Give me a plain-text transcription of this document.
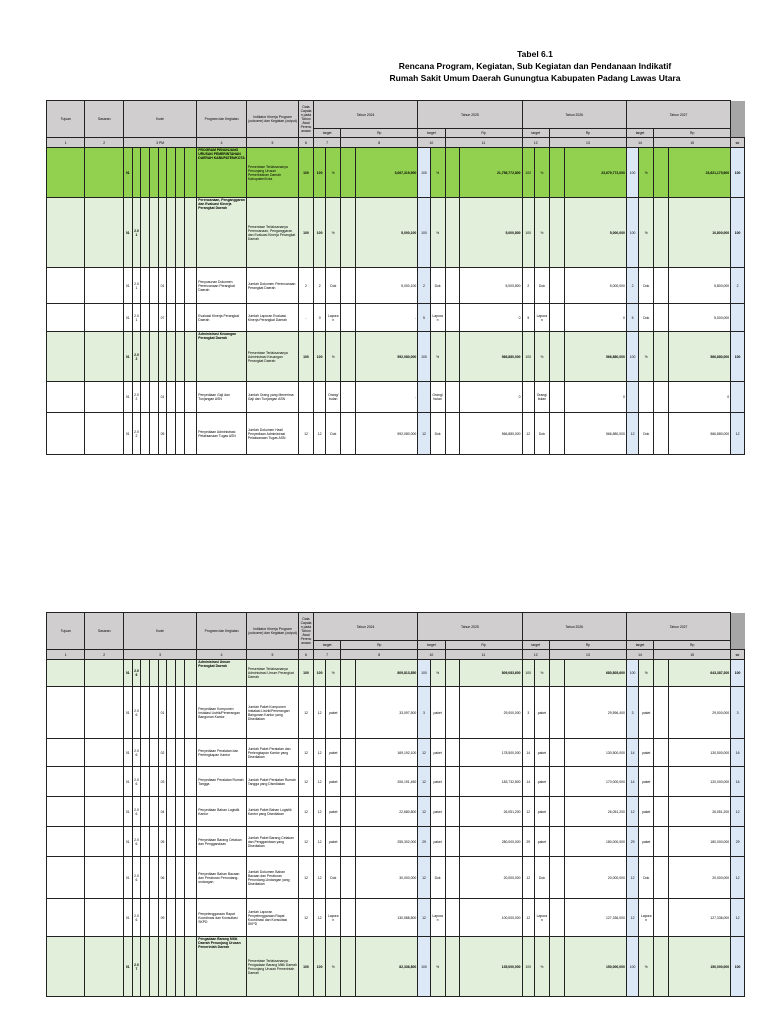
Tabel 6.1
Rencana Program, Kegiatan, Sub Kegiatan dan Pendanaan Indikatif
Rumah Sakit Umum Daerah Gunungtua Kabupaten Padang Lawas Utara
Tujuan	Sasaran	Kode								Program dan Kegiatan	Indikator Kinerja Program (outcome) dan Kegiatan (output)	Data Capaian pada Tahun Awal Perencanaan	Tahun 2024				Tahun 2025				Tahun 2026				Tahun 2027				
													target		Rp		target		Rp		target		Rp		target		Rp		
1	2	3 PM								4	5	6	7		8		10		11		12		13		14		15		tar
		01								PROGRAM PENUNJANG URUSAN PEMERINTAHAN DAERAH KABUPATEN/KOTA	Persentase Terlaksananya Penunjang Urusan Pemerintahan Daerah Kabupaten/Kota	100	100	%		3,067,319,900	100	%		21,756,772,800	100	%		23,679,772,000	100	%		23,621,175,600	100
		01	2.01							Perencanaan, Penganggaran dan Evaluasi Kinerja Perangkat Daerah	Persentase Terlaksananya Perencanaan, Penganggaran dan Evaluasi Kinerja Perangkat Daerah	100	100	%		5,000,100	100	%		5,000,800	100	%		5,000,000	100	%		10,800,000	100
		01	2.01			01				Penyusunan Dokumen Perencanaan Perangkat Daerah	Jumlah Dokumen Perencanaan Perangkat Daerah	2	2	Dok		5,000,100	2	Dok		5,000,800	2	Dok		5,000,000	2	Dok		5,800,000	2
		01	2.01			07				Evaluasi Kinerja Perangkat Daerah	Jumlah Laporan Evaluasi Kinerja Perangkat Daerah	-	0	Laporan		-	5	Laporan		0	5	Laporan		0	5	Dok		5,000,000	
		01	2.02							Administrasi Keuangan Perangkat Daerah	Persentase Terlaksananya Administrasi Keuangan Perangkat Daerah	100	100	%		592,080,000	100	%		566,880,000	100	%		566,880,000	100	%		566,880,000	100
		01	2.02			01				Penyediaan Gaji dan Tunjangan ASN	Jumlah Orang yang Menerima Gaji dan Tunjangan ASN			Orang/bulan		-		Orang/bulan		0		Orang/bulan		0				0	
		01	2.02			05				Penyediaan Administrasi Pelaksanaan Tugas ASN	Jumlah Dokumen Hasil Penyediaan Administrasi Pelaksanaan Tugas ASN	12	12	Dok		592,080,000	12	Dok		566,880,000	12	Dok		566,880,000	12	Dok		566,880,000	12
Tujuan	Sasaran	Kode								Program dan Kegiatan	Indikator Kinerja Program (outcome) dan Kegiatan (output)	Data Capaian pada Tahun Awal Perencanaan	Tahun 2024				Tahun 2025				Tahun 2026				Tahun 2027				
													target		Rp		target		Rp		target		Rp		target		Rp		
1	2	3								4	5	6	7		8		10		11		12		13		14		15		tar
		01	2.06							Administrasi Umum Perangkat Daerah	Persentase Terlaksananya Administrasi Umum Perangkat Daerah	100	100	%		809,813,850	100	%		809,083,600	100	%		680,805,600	100	%		643,387,200	100
		01	2.06			01				Penyediaan Komponen Instalasi Listrik/Penerangan Bangunan Kantor	Jumlah Paket Komponen Instalasi Listrik/Penerangan Bangunan Kantor yang Disediakan	12	12	paket		33,097,500	3	paket		29,000,000	3	paket		29,596,400	3	paket		29,000,000	3
		01	2.06			02				Penyediaan Peralatan dan Perlengkapan Kantor	Jumlah Paket Peralatan dan Perlengkapan Kantor yang Disediakan	12	12	paket		169,192,100	12	paket		178,500,000	14	paket		130,500,000	14	paket		130,500,000	16
		01	2.06			03				Penyediaan Peralatan Rumah Tangga	Jumlah Paket Peralatan Rumah Tangga yang Disediakan	12	12	paket		206,191,450	12	paket		183,732,800	14	paket		170,000,000	14	paket		120,000,000	16
		01	2.06			04				Penyediaan Bahan Logistik Kantor	Jumlah Paket Bahan Logistik Kantor yang Disediakan	12	12	paket		22,680,800	12	paket		26,051,200	12	paket		26,051,200	12	paket		26,051,200	12
		01	2.06			05				Penyediaan Barang Cetakan dan Penggandaan	Jumlah Paket Barang Cetakan dan Penggandaan yang Disediakan	12	12	paket		255,302,000	29	paket		280,000,000	29	paket		180,000,000	29	paket		180,000,000	29
		01	2.06			06				Penyediaan Bahan Bacaan dan Peraturan Perundang-undangan	Jumlah Dokumen Bahan Bacaan dan Peraturan Perundang-Undangan yang Disediakan	12	12	Dok		30,000,000	12	Dok		20,000,000	12	Dok		20,000,000	12	Dok		20,000,000	12
		01	2.06			09				Penyelenggaraan Rapat Koordinasi dan Konsultasi SKPD	Jumlah Laporan Penyelenggaraan Rapat Koordinasi dan Konsultasi SKPD	12	12	Laporan		130,588,800	12	Laporan		100,000,000	12	Laporan		127,336,000	12	Laporan		127,336,000	12
		01	2.07							Pengadaan Barang Milik Daerah Penunjang Urusan Pemerintah Daerah	Persentase Terlaksananya Pengadaan Barang Milik Daerah Penunjang Urusan Pemerintah Daerah	100	100	%		82,336,800	100	%		135,000,000	100	%		150,000,000	100	%		150,000,000	100
